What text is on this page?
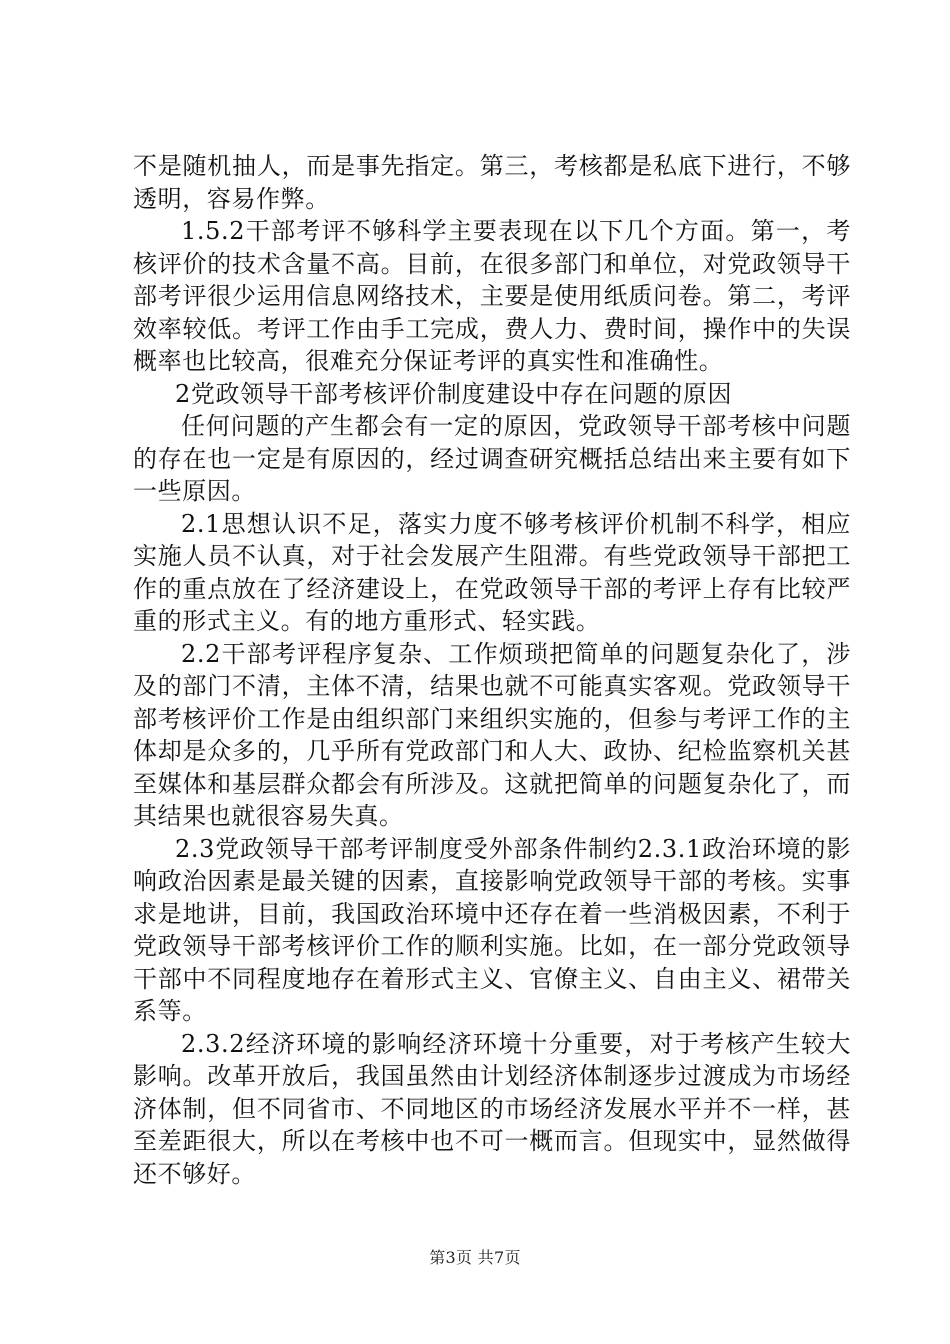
不是随机抽人，而是事先指定。第三，考核都是私底下进行，不够透明，容易作弊。

1.5.2干部考评不够科学主要表现在以下几个方面。第一，考核评价的技术含量不高。目前，在很多部门和单位，对党政领导干部考评很少运用信息网络技术，主要是使用纸质问卷。第二，考评效率较低。考评工作由手工完成，费人力、费时间，操作中的失误概率也比较高，很难充分保证考评的真实性和准确性。

2党政领导干部考核评价制度建设中存在问题的原因

任何问题的产生都会有一定的原因，党政领导干部考核中问题的存在也一定是有原因的，经过调查研究概括总结出来主要有如下一些原因。

2.1思想认识不足，落实力度不够考核评价机制不科学，相应实施人员不认真，对于社会发展产生阻滞。有些党政领导干部把工作的重点放在了经济建设上，在党政领导干部的考评上存有比较严重的形式主义。有的地方重形式、轻实践。

2.2干部考评程序复杂、工作烦琐把简单的问题复杂化了，涉及的部门不清，主体不清，结果也就不可能真实客观。党政领导干部考核评价工作是由组织部门来组织实施的，但参与考评工作的主体却是众多的，几乎所有党政部门和人大、政协、纪检监察机关甚至媒体和基层群众都会有所涉及。这就把简单的问题复杂化了，而其结果也就很容易失真。

2.3党政领导干部考评制度受外部条件制约2.3.1政治环境的影响政治因素是最关键的因素，直接影响党政领导干部的考核。实事求是地讲，目前，我国政治环境中还存在着一些消极因素，不利于党政领导干部考核评价工作的顺利实施。比如，在一部分党政领导干部中不同程度地存在着形式主义、官僚主义、自由主义、裙带关系等。

2.3.2经济环境的影响经济环境十分重要，对于考核产生较大影响。改革开放后，我国虽然由计划经济体制逐步过渡成为市场经济体制，但不同省市、不同地区的市场经济发展水平并不一样，甚至差距很大，所以在考核中也不可一概而言。但现实中，显然做得还不够好。

第3页 共7页
